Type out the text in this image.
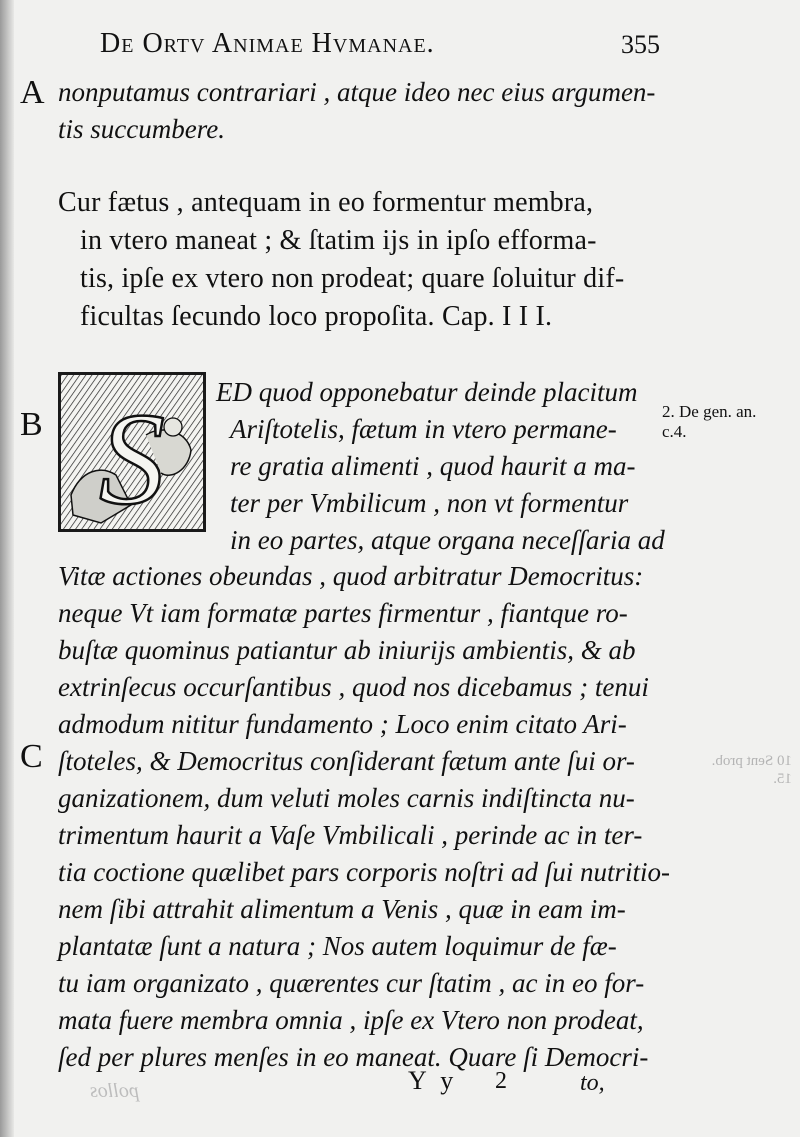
De Ortv Animae Hvmanae.	355
A
B
C
nonputamus contrariari , atque ideo nec eius argumen-
tis succumbere.
Cur fætus , antequam in eo formentur membra,
in vtero maneat ; & ſtatim ijs in ipſo efforma-
tis, ipſe ex vtero non prodeat; quare ſoluitur dif-
ficultas ſecundo loco propoſita. Cap. I I I.
S ED quod opponebatur deinde placitum
Ariſtotelis, fætum in vtero permane-
re gratia alimenti , quod haurit a ma-
ter per Vmbilicum , non vt formentur
in eo partes, atque organa neceſſaria ad
Vitæ actiones obeundas , quod arbitratur Democritus:
neque Vt iam formatæ partes firmentur , fiantque ro-
buſtæ quominus patiantur ab iniurijs ambientis, & ab
extrinſecus occurſantibus , quod nos dicebamus ; tenui
admodum nititur fundamento ; Loco enim citato Ari-
ſtoteles, & Democritus conſiderant fætum ante ſui or-
ganizationem, dum veluti moles carnis indiſtincta nu-
trimentum haurit a Vaſe Vmbilicali , perinde ac in ter-
tia coctione quælibet pars corporis noſtri ad ſui nutritio-
nem ſibi attrahit alimentum a Venis , quæ in eam im-
plantatæ ſunt a natura ; Nos autem loquimur de fæ-
tu iam organizato , quærentes cur ſtatim , ac in eo for-
mata fuere membra omnia , ipſe ex Vtero non prodeat,
ſed per plures menſes in eo maneat. Quare ſi Democri-
2. De gen. an.
c.4.
10 Sent prob.
15.
Y y 2	to,
pollos
